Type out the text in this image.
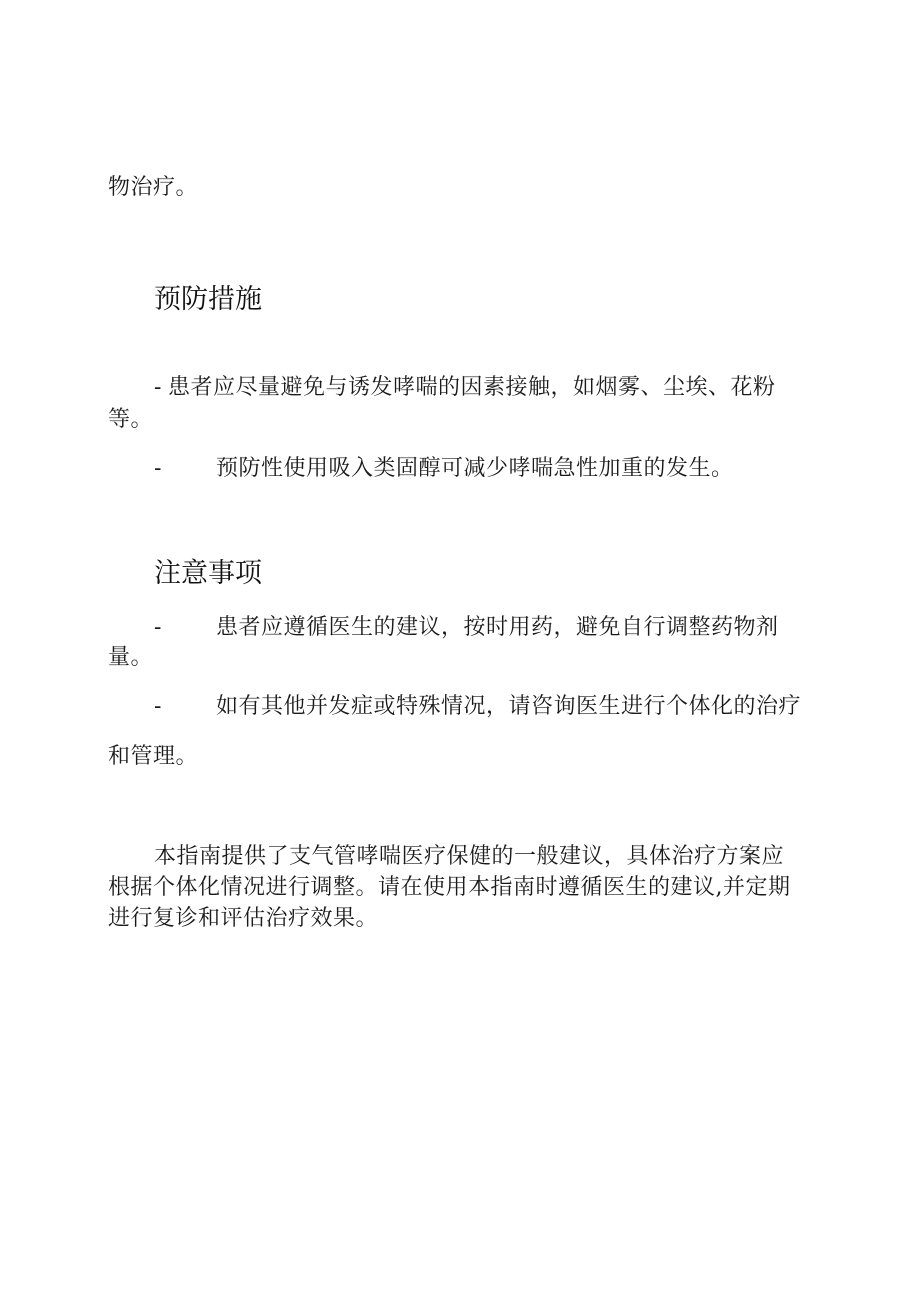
物治疗。
预防措施
- 患者应尽量避免与诱发哮喘的因素接触，如烟雾、尘埃、花粉
等。
- 预防性使用吸入类固醇可减少哮喘急性加重的发生。
注意事项
- 患者应遵循医生的建议，按时用药，避免自行调整药物剂
量。
- 如有其他并发症或特殊情况，请咨询医生进行个体化的治疗
和管理。
本指南提供了支气管哮喘医疗保健的一般建议，具体治疗方案应
根据个体化情况进行调整。请在使用本指南时遵循医生的建议,并定期
进行复诊和评估治疗效果。
